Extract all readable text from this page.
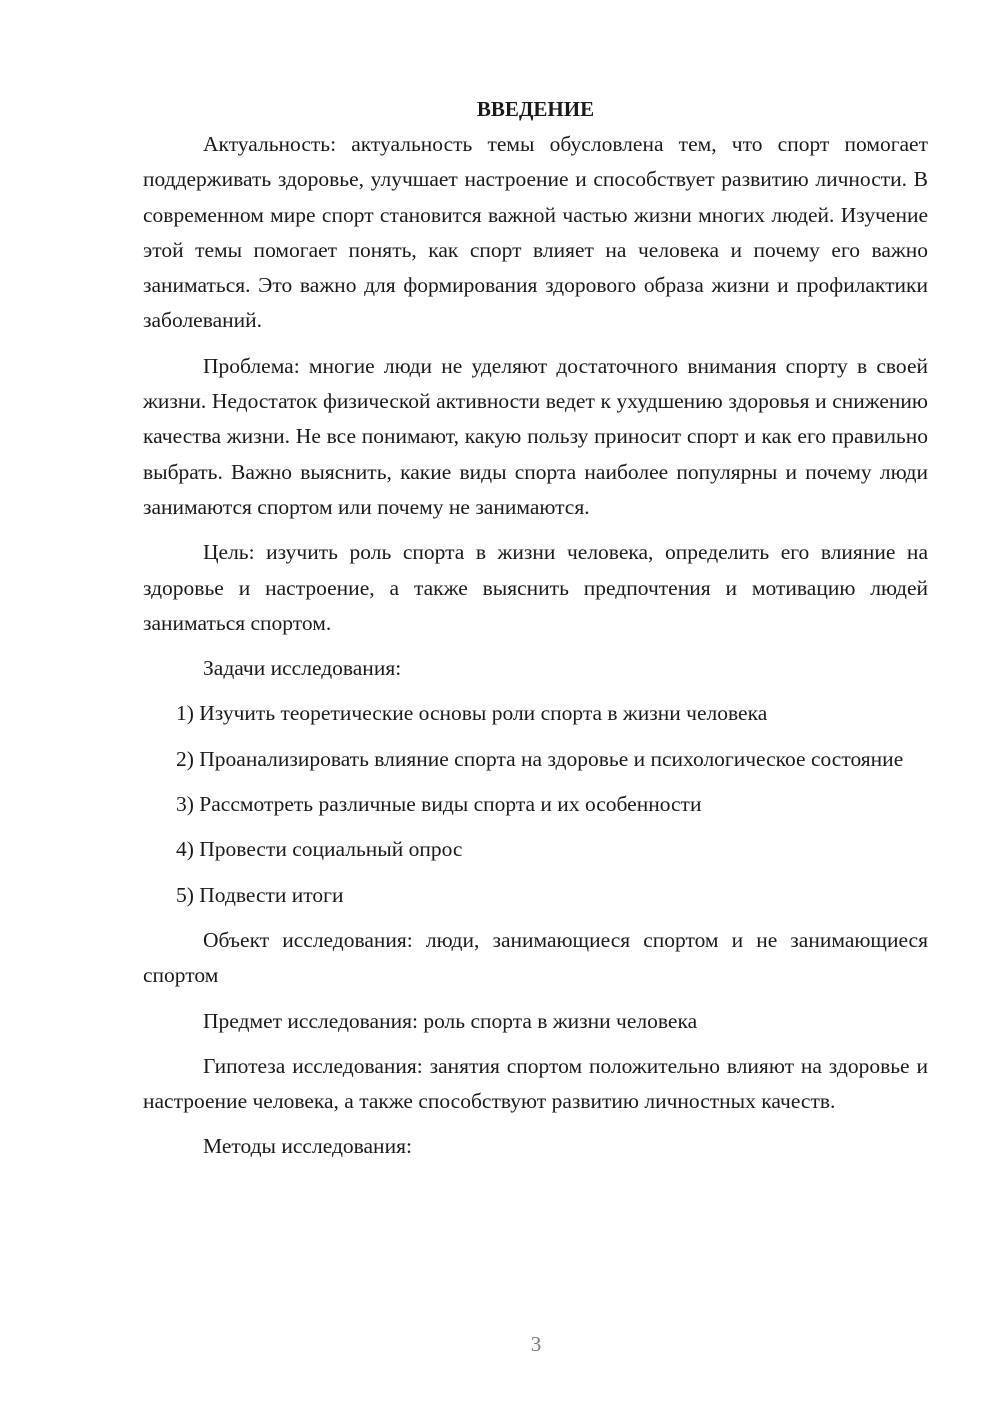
ВВЕДЕНИЕ

Актуальность: актуальность темы обусловлена тем, что спорт помогает поддерживать здоровье, улучшает настроение и способствует развитию личности. В современном мире спорт становится важной частью жизни многих людей. Изучение этой темы помогает понять, как спорт влияет на человека и почему его важно заниматься. Это важно для формирования здорового образа жизни и профилактики заболеваний.

Проблема: многие люди не уделяют достаточного внимания спорту в своей жизни. Недостаток физической активности ведет к ухудшению здоровья и снижению качества жизни. Не все понимают, какую пользу приносит спорт и как его правильно выбрать. Важно выяснить, какие виды спорта наиболее популярны и почему люди занимаются спортом или почему не занимаются.

Цель: изучить роль спорта в жизни человека, определить его влияние на здоровье и настроение, а также выяснить предпочтения и мотивацию людей заниматься спортом.

Задачи исследования:

1) Изучить теоретические основы роли спорта в жизни человека

2) Проанализировать влияние спорта на здоровье и психологическое состояние

3) Рассмотреть различные виды спорта и их особенности

4) Провести социальный опрос

5) Подвести итоги

Объект исследования: люди, занимающиеся спортом и не занимающиеся спортом

Предмет исследования: роль спорта в жизни человека

Гипотеза исследования: занятия спортом положительно влияют на здоровье и настроение человека, а также способствуют развитию личностных качеств.

Методы исследования:

3
